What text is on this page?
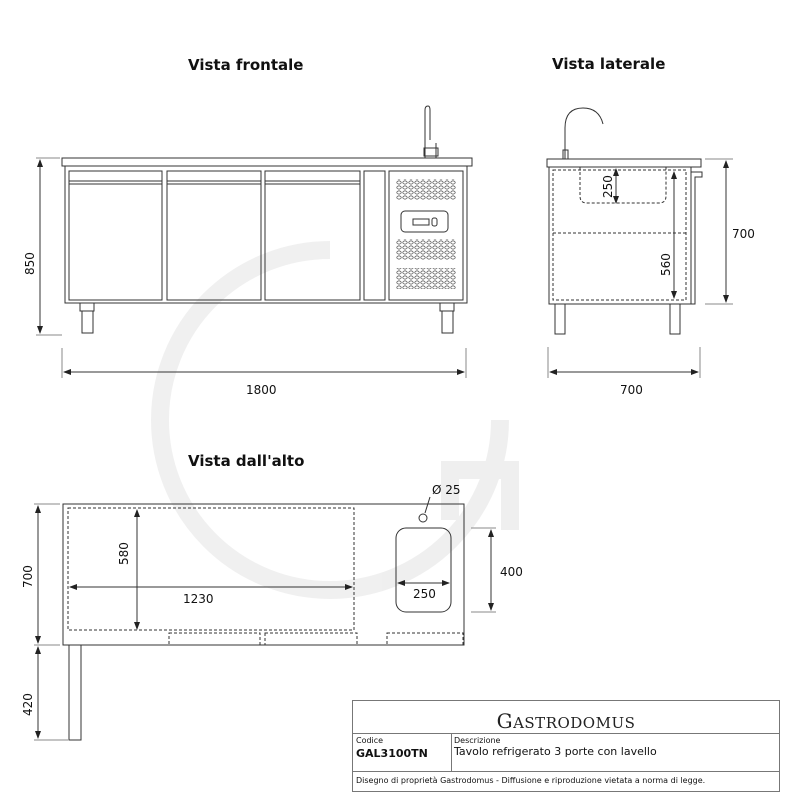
850
1800
250
560
700
700
Ø 25
580
1230	250
400
700
420
Vista frontale	Vista laterale
Vista dall'alto
GASTRODOMUS
Codice
GAL3100TN
Descrizione
Tavolo refrigerato 3 porte con lavello
Disegno di proprietà Gastrodomus - Diffusione e riproduzione vietata a norma di legge.
